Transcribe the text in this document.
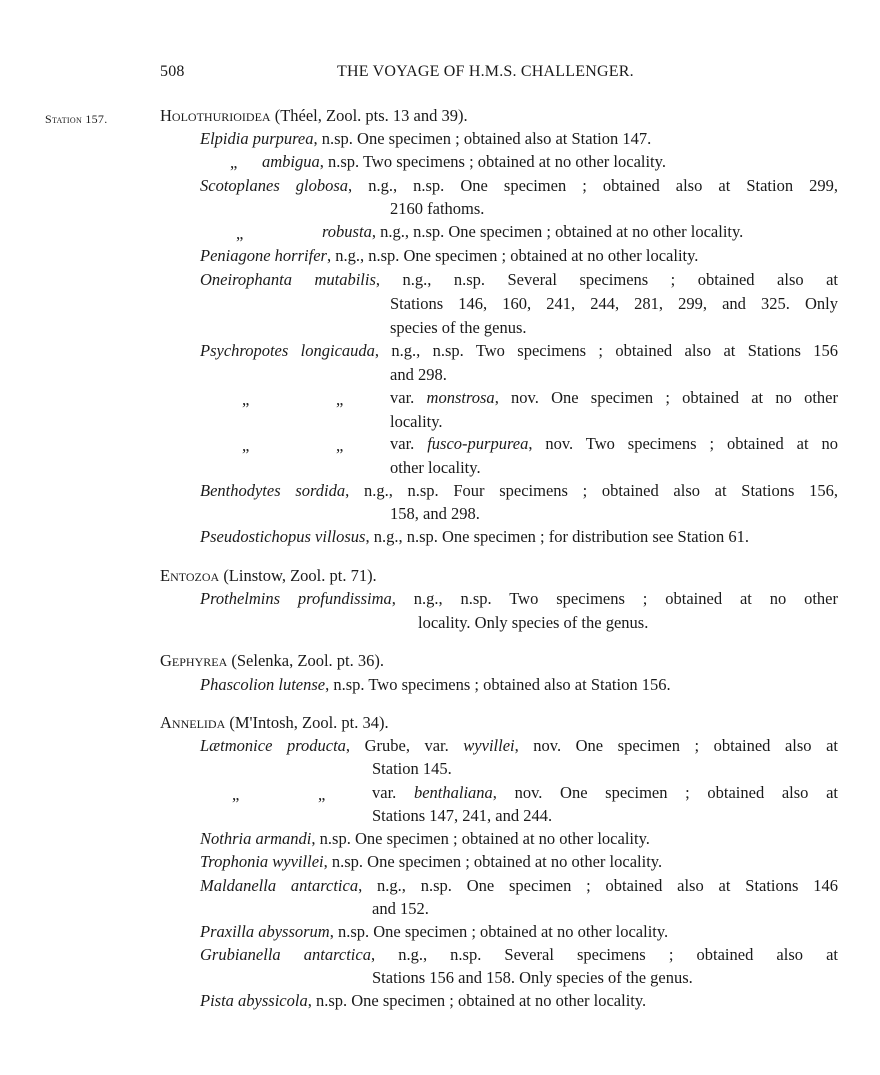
508	THE VOYAGE OF H.M.S. CHALLENGER.
Station 157.	Holothurioidea (Théel, Zool. pts. 13 and 39).
Elpidia purpurea, n.sp. One specimen ; obtained also at Station 147.
„ ambigua, n.sp. Two specimens ; obtained at no other locality.
Scotoplanes globosa, n.g., n.sp. One specimen ; obtained also at Station 299,
2160 fathoms.
„	robusta, n.g., n.sp. One specimen ; obtained at no other locality.
Peniagone horrifer, n.g., n.sp. One specimen ; obtained at no other locality.
Oneirophanta mutabilis, n.g., n.sp. Several specimens ; obtained also at
Stations 146, 160, 241, 244, 281, 299, and 325. Only
species of the genus.
Psychropotes longicauda, n.g., n.sp. Two specimens ; obtained also at Stations 156
and 298.
„	„	var. monstrosa, nov. One specimen ; obtained at no other
locality.
„	„	var. fusco-purpurea, nov. Two specimens ; obtained at no
other locality.
Benthodytes sordida, n.g., n.sp. Four specimens ; obtained also at Stations 156,
158, and 298.
Pseudostichopus villosus, n.g., n.sp. One specimen ; for distribution see Station 61.
Entozoa (Linstow, Zool. pt. 71).
Prothelmins profundissima, n.g., n.sp. Two specimens ; obtained at no other
locality. Only species of the genus.
Gephyrea (Selenka, Zool. pt. 36).
Phascolion lutense, n.sp. Two specimens ; obtained also at Station 156.
Annelida (M'Intosh, Zool. pt. 34).
Lætmonice producta, Grube, var. wyvillei, nov. One specimen ; obtained also at
Station 145.
„	„	var. benthaliana, nov. One specimen ; obtained also at
Stations 147, 241, and 244.
Nothria armandi, n.sp. One specimen ; obtained at no other locality.
Trophonia wyvillei, n.sp. One specimen ; obtained at no other locality.
Maldanella antarctica, n.g., n.sp. One specimen ; obtained also at Stations 146
and 152.
Praxilla abyssorum, n.sp. One specimen ; obtained at no other locality.
Grubianella antarctica, n.g., n.sp. Several specimens ; obtained also at
Stations 156 and 158. Only species of the genus.
Pista abyssicola, n.sp. One specimen ; obtained at no other locality.
